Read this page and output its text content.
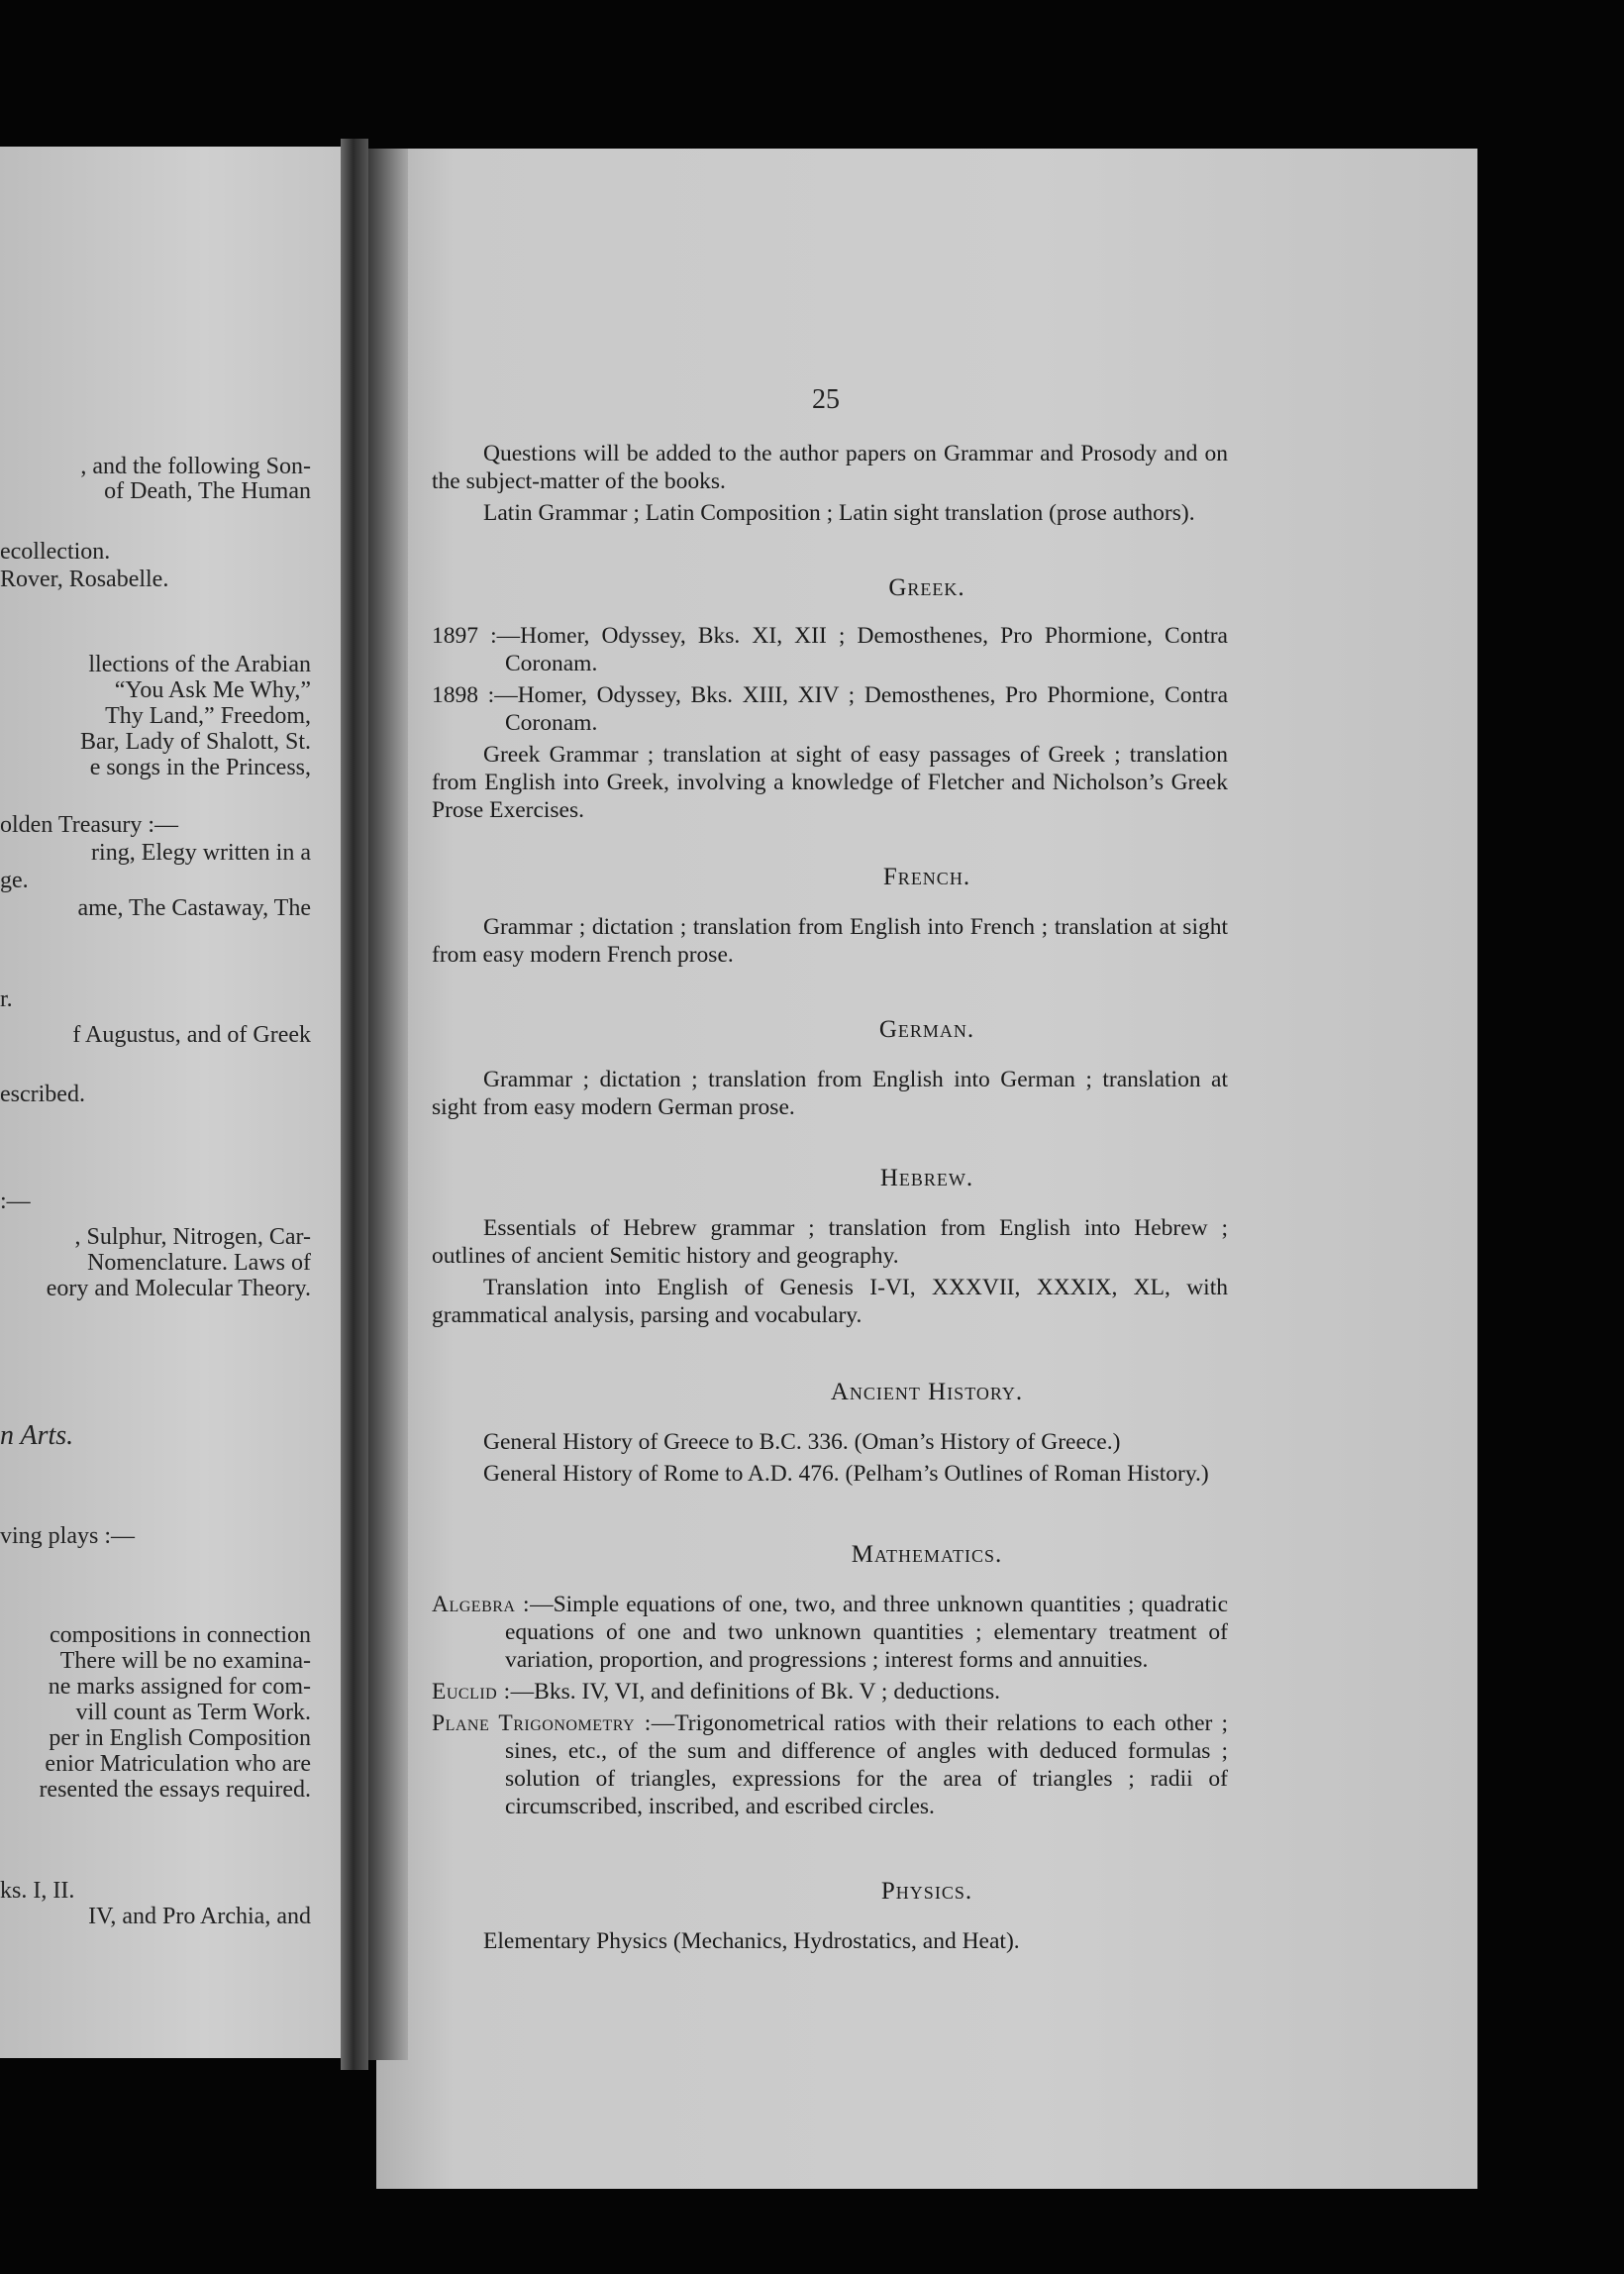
, and the following Son-
of Death, The Human
ecollection.
Rover, Rosabelle.
llections of the Arabian
“You Ask Me Why,”
Thy Land,” Freedom,
Bar, Lady of Shalott, St.
e songs in the Princess,
olden Treasury :—
ring, Elegy written in a
ge.
ame, The Castaway, The
r.
f Augustus, and of Greek
escribed.
:—
, Sulphur, Nitrogen, Car-
Nomenclature. Laws of
eory and Molecular Theory.
n Arts.
ving plays :—
compositions in connection
There will be no examina-
ne marks assigned for com-
vill count as Term Work.
per in English Composition
enior Matriculation who are
resented the essays required.
ks. I, II.
IV, and Pro Archia, and
25

Questions will be added to the author papers on Grammar and Prosody and on the subject-matter of the books.

Latin Grammar ; Latin Composition ; Latin sight translation (prose authors).

Greek.

1897 :—Homer, Odyssey, Bks. XI, XII ; Demosthenes, Pro Phormione, Contra Coronam.

1898 :—Homer, Odyssey, Bks. XIII, XIV ; Demosthenes, Pro Phormione, Contra Coronam.

Greek Grammar ; translation at sight of easy passages of Greek ; translation from English into Greek, involving a knowledge of Fletcher and Nicholson’s Greek Prose Exercises.

French.

Grammar ; dictation ; translation from English into French ; translation at sight from easy modern French prose.

German.

Grammar ; dictation ; translation from English into German ; translation at sight from easy modern German prose.

Hebrew.

Essentials of Hebrew grammar ; translation from English into Hebrew ; outlines of ancient Semitic history and geography.

Translation into English of Genesis I-VI, XXXVII, XXXIX, XL, with grammatical analysis, parsing and vocabulary.

Ancient History.

General History of Greece to B.C. 336. (Oman’s History of Greece.)

General History of Rome to A.D. 476. (Pelham’s Outlines of Roman History.)

Mathematics.

Algebra :—Simple equations of one, two, and three unknown quantities ; quadratic equations of one and two unknown quantities ; elementary treatment of variation, proportion, and progressions ; interest forms and annuities.

Euclid :—Bks. IV, VI, and definitions of Bk. V ; deductions.

Plane Trigonometry :—Trigonometrical ratios with their relations to each other ; sines, etc., of the sum and difference of angles with deduced formulas ; solution of triangles, expressions for the area of triangles ; radii of circumscribed, inscribed, and escribed circles.

Physics.

Elementary Physics (Mechanics, Hydrostatics, and Heat).
